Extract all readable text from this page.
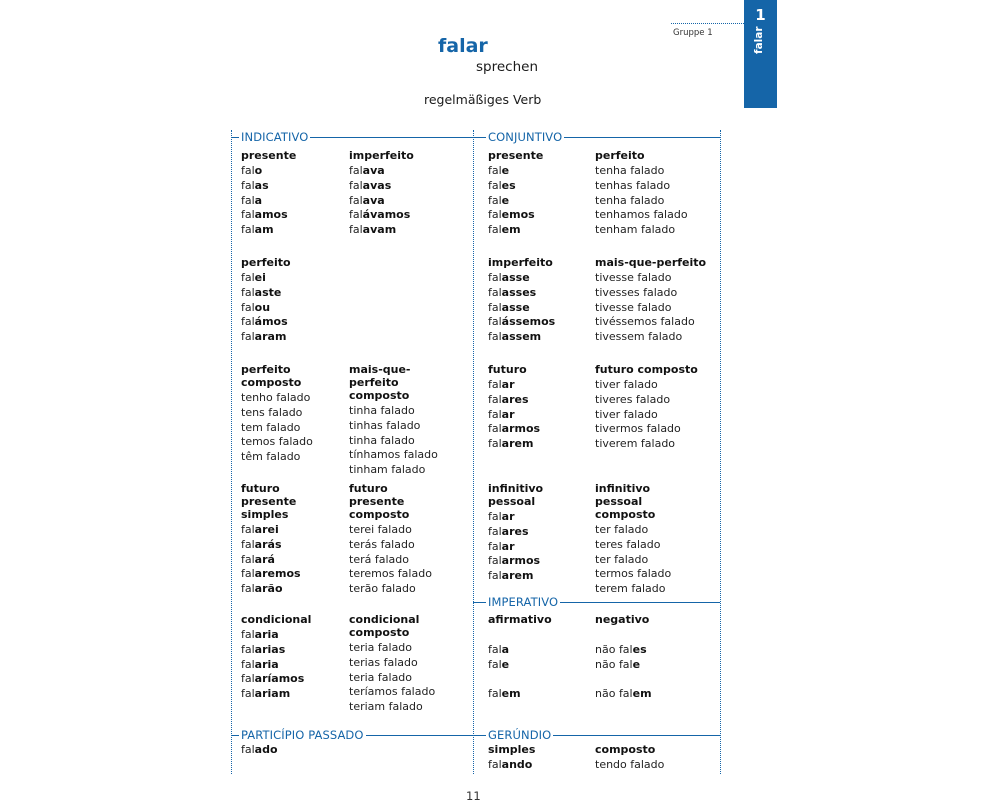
falar
sprechen
regelmäßiges Verb
Gruppe 1
1
falar
INDICATIVO	CONJUNTIVO
IMPERATIVO
PARTICÍPIO PASSADO	GERÚNDIO
presente
falo
falas
fala
falamos
falam
imperfeito
falava
falavas
falava
falávamos
falavam
perfeito
falei
falaste
falou
falámos
falaram
perfeito composto
tenho falado
tens falado
tem falado
temos falado
têm falado
mais-que-perfeito composto
tinha falado
tinhas falado
tinha falado
tínhamos falado
tinham falado
futuro presente simples
falarei
falarás
falará
falaremos
falarão
futuro presente composto
terei falado
terás falado
terá falado
teremos falado
terão falado
condicional
falaria
falarias
falaria
falaríamos
falariam
condicional composto
teria falado
terias falado
teria falado
teríamos falado
teriam falado
falado
presente
fale
fales
fale
falemos
falem
perfeito
tenha falado
tenhas falado
tenha falado
tenhamos falado
tenham falado
imperfeito
falasse
falasses
falasse
falássemos
falassem
mais-que-perfeito
tivesse falado
tivesses falado
tivesse falado
tivéssemos falado
tivessem falado
futuro
falar
falares
falar
falarmos
falarem
futuro composto
tiver falado
tiveres falado
tiver falado
tivermos falado
tiverem falado
infinitivo pessoal
falar
falares
falar
falarmos
falarem
infinitivo pessoal composto
ter falado
teres falado
ter falado
termos falado
terem falado
afirmativo
fala
fale
falem
negativo
não fales
não fale
não falem
simples
falando
composto
tendo falado
11
